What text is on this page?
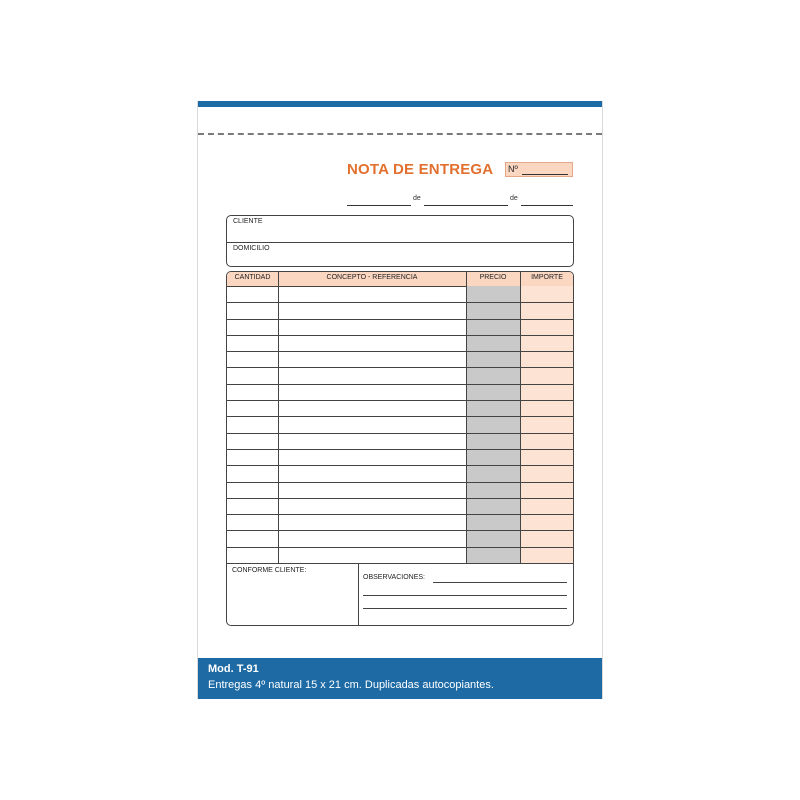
NOTA DE ENTREGA Nº
de	de
CLIENTE
DOMICILIO
CANTIDAD	CONCEPTO - REFERENCIA	PRECIO	IMPORTE
CONFORME CLIENTE:
OBSERVACIONES:
Mod. T-91
Entregas 4º natural 15 x 21 cm. Duplicadas autocopiantes.
